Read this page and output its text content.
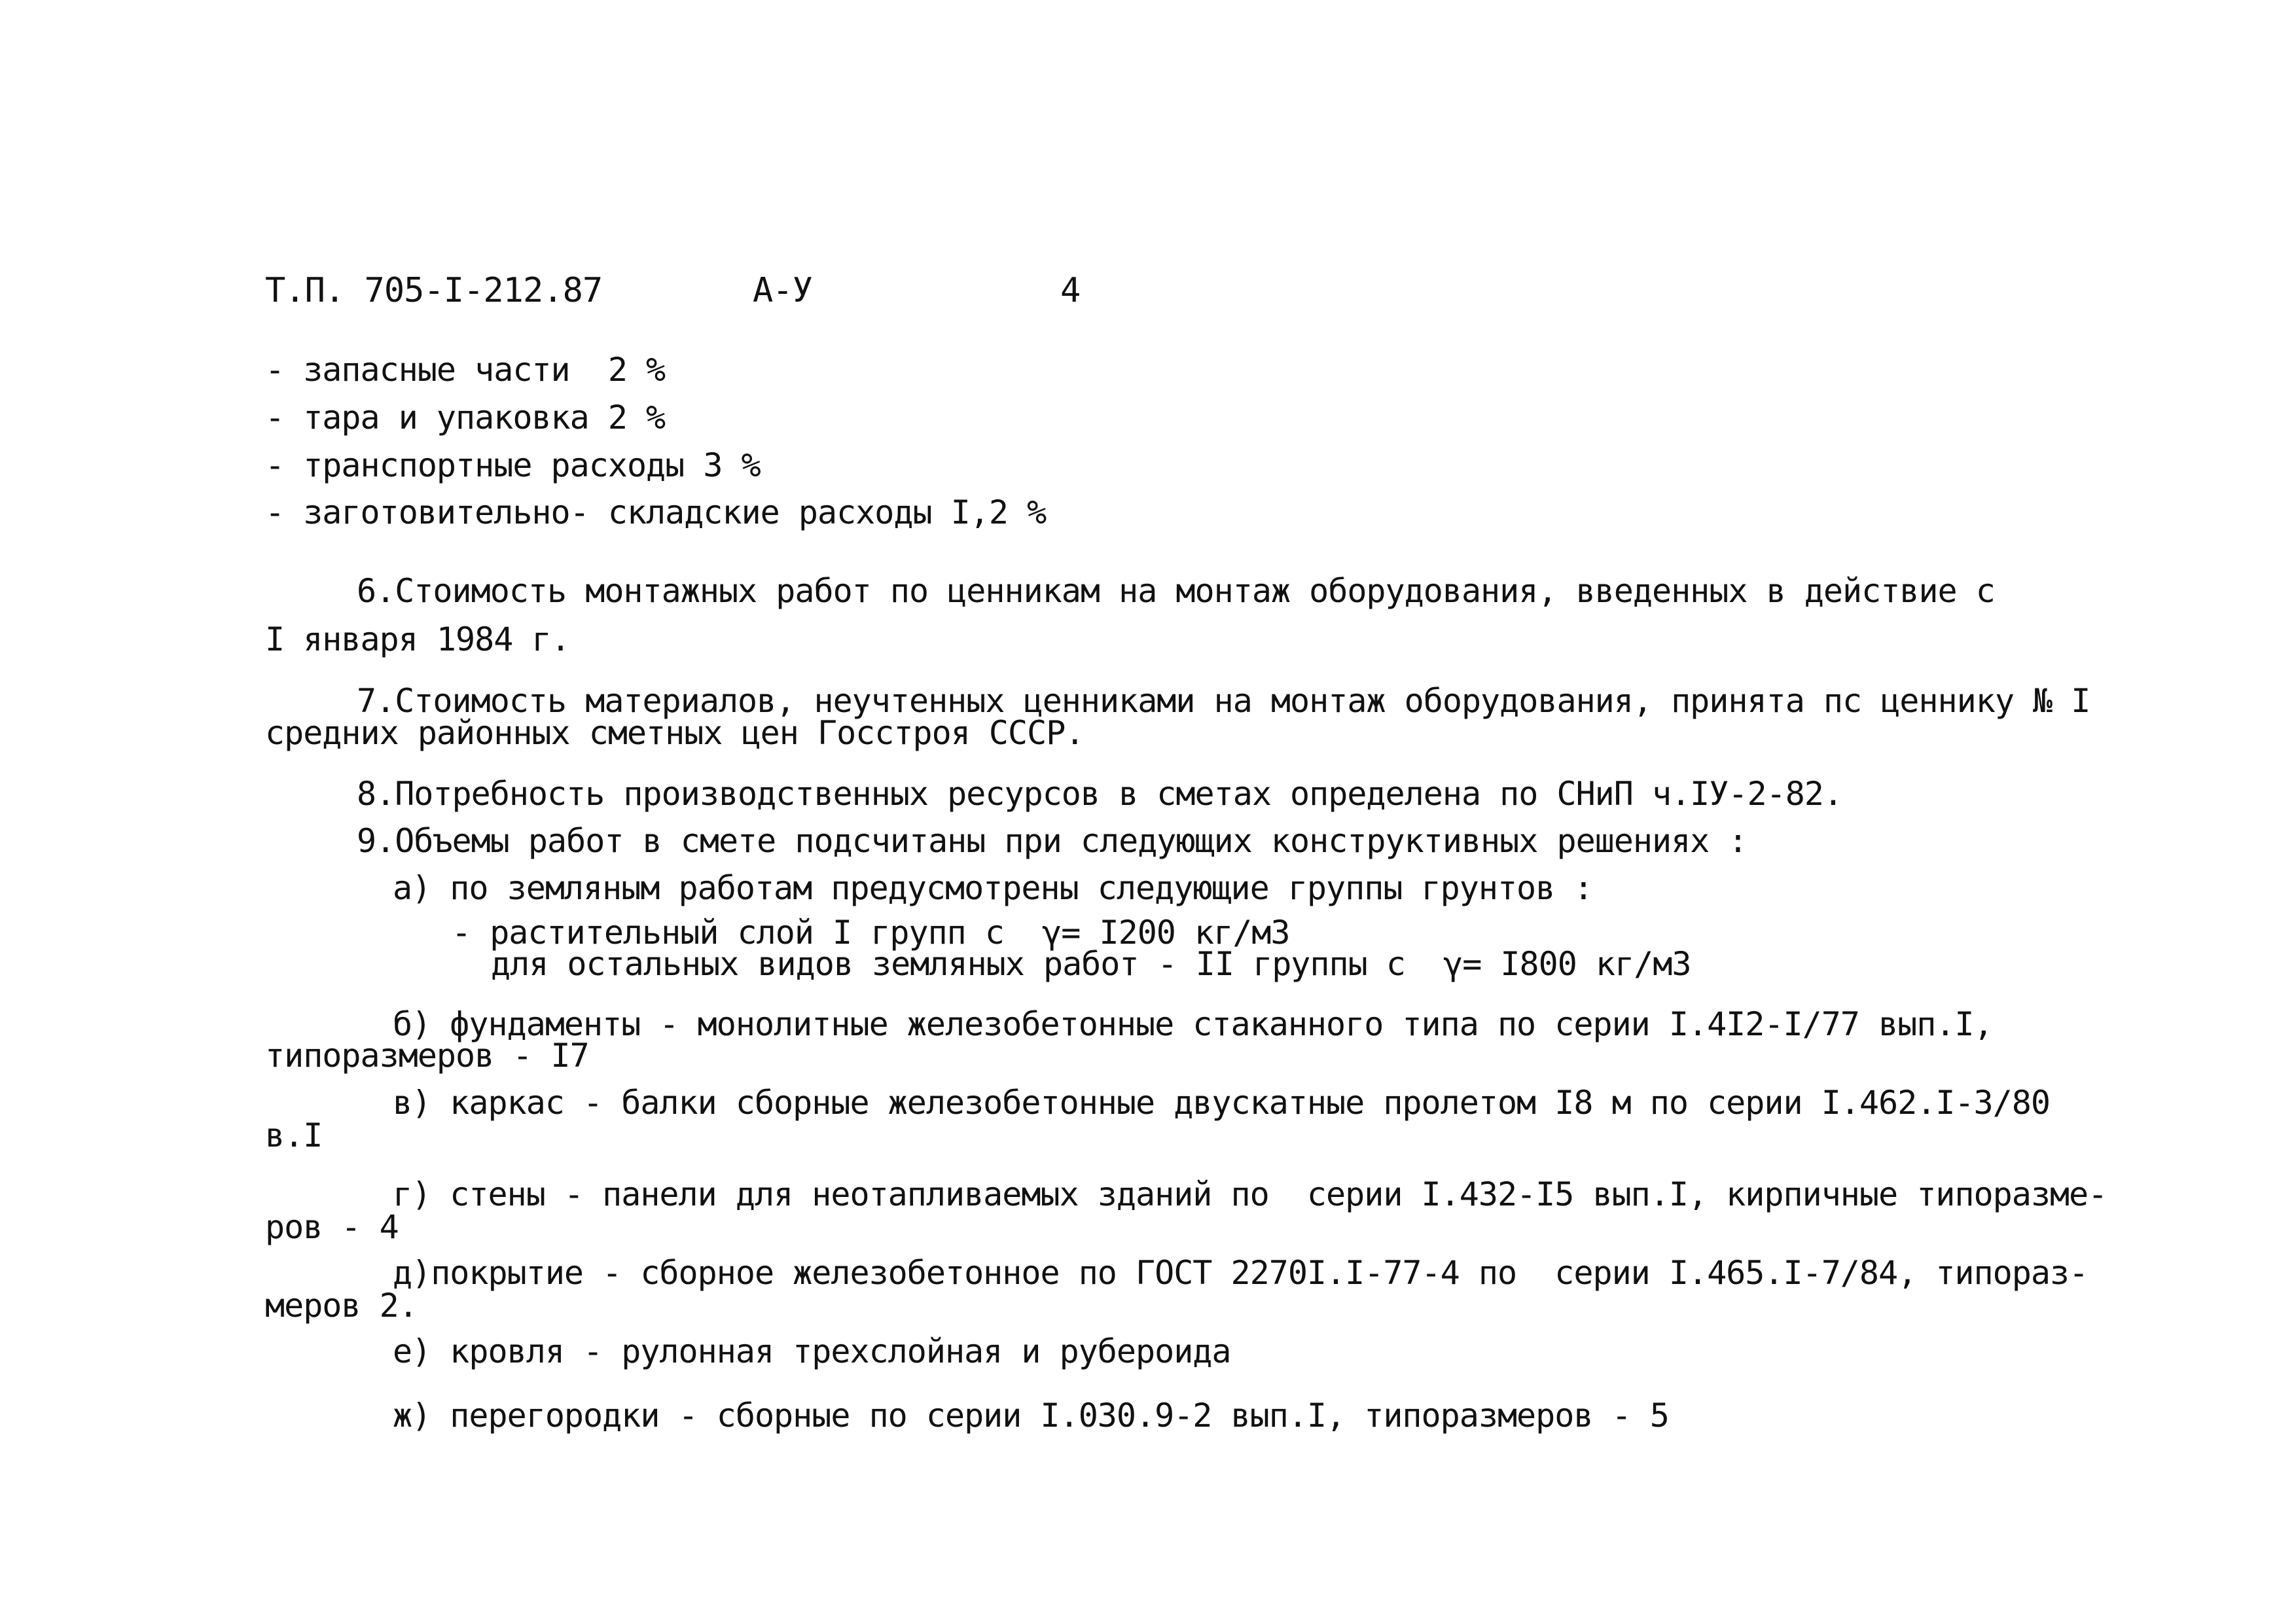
Т.П. 705-I-212.87	А-У	4
- запасные части  2 %
- тара и упаковка 2 %
- транспортные расходы 3 %
- заготовительно- складские расходы I,2 %
6.Стоимость монтажных работ по ценникам на монтаж оборудования, введенных в действие с
I января 1984 г.
7.Стоимость материалов, неучтенных ценниками на монтаж оборудования, принята пс ценнику № I
средних районных сметных цен Госстроя СССР.
8.Потребность производственных ресурсов в сметах определена по СНиП ч.IУ-2-82.
9.Объемы работ в смете подсчитаны при следующих конструктивных решениях :
а) по земляным работам предусмотрены следующие группы грунтов :
- растительный слой I групп с  γ= I200 кг/м3
для остальных видов земляных работ - II группы с  γ= I800 кг/м3
б) фундаменты - монолитные железобетонные стаканного типа по серии I.4I2-I/77 вып.I,
типоразмеров - I7
в) каркас - балки сборные железобетонные двускатные пролетом I8 м по серии I.462.I-3/80
в.I
г) стены - панели для неотапливаемых зданий по  серии I.432-I5 вып.I, кирпичные типоразме-
ров - 4
д)покрытие - сборное железобетонное по ГОСТ 2270I.I-77-4 по  серии I.465.I-7/84, типораз-
меров 2.
е) кровля - рулонная трехслойная и рубероида
ж) перегородки - сборные по серии I.030.9-2 вып.I, типоразмеров - 5
